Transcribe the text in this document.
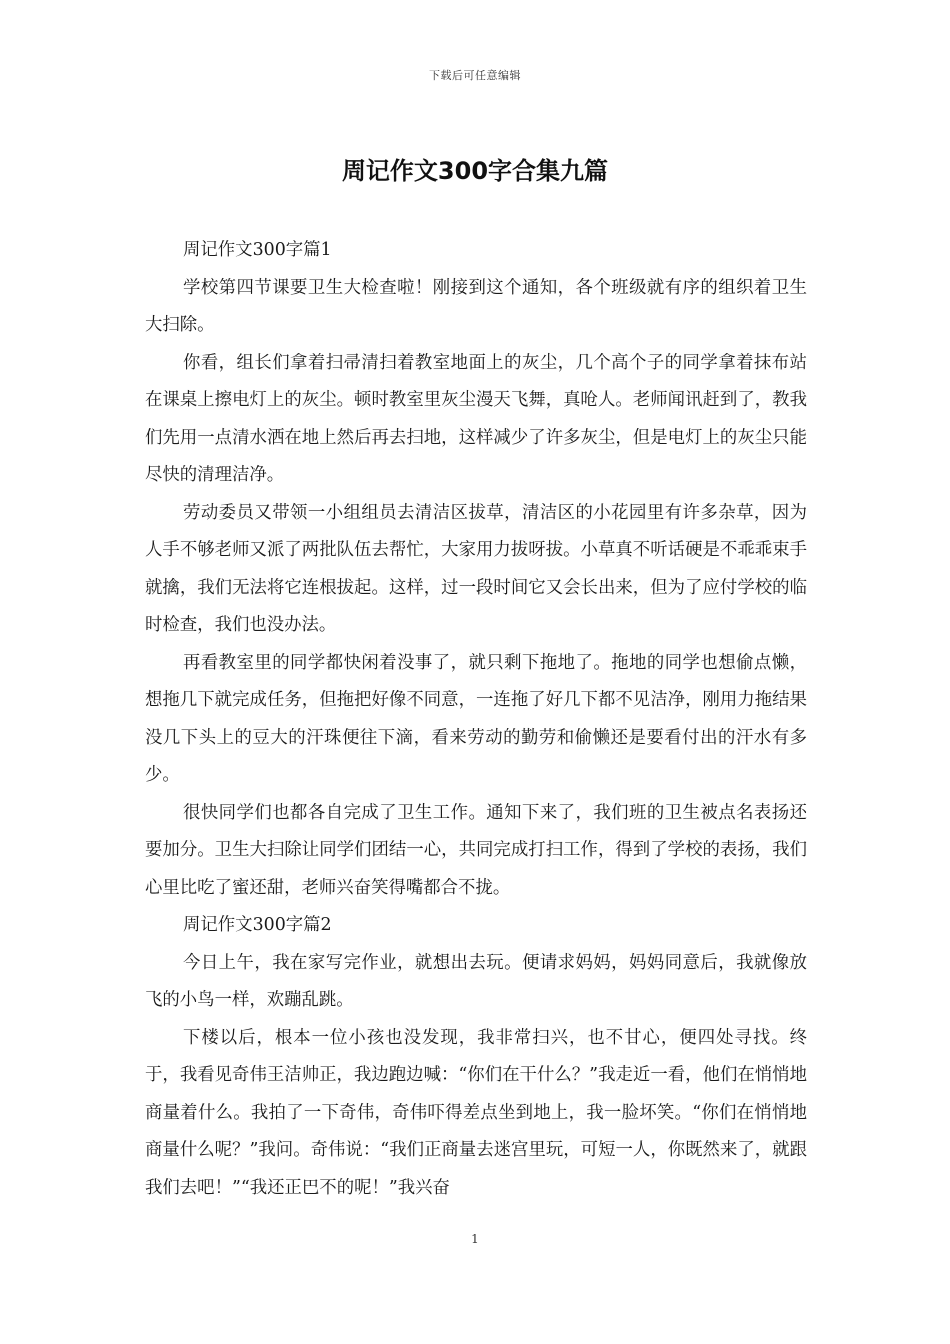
下载后可任意编辑
周记作文300字合集九篇

周记作文300字篇1

学校第四节课要卫生大检查啦！刚接到这个通知，各个班级就有序的组织着卫生大扫除。

你看，组长们拿着扫帚清扫着教室地面上的灰尘，几个高个子的同学拿着抹布站在课桌上擦电灯上的灰尘。顿时教室里灰尘漫天飞舞，真呛人。老师闻讯赶到了，教我们先用一点清水洒在地上然后再去扫地，这样减少了许多灰尘，但是电灯上的灰尘只能尽快的清理洁净。

劳动委员又带领一小组组员去清洁区拔草，清洁区的小花园里有许多杂草，因为人手不够老师又派了两批队伍去帮忙，大家用力拔呀拔。小草真不听话硬是不乖乖束手就擒，我们无法将它连根拔起。这样，过一段时间它又会长出来，但为了应付学校的临时检查，我们也没办法。

再看教室里的同学都快闲着没事了，就只剩下拖地了。拖地的同学也想偷点懒，想拖几下就完成任务，但拖把好像不同意，一连拖了好几下都不见洁净，刚用力拖结果没几下头上的豆大的汗珠便往下滴，看来劳动的勤劳和偷懒还是要看付出的汗水有多少。

很快同学们也都各自完成了卫生工作。通知下来了，我们班的卫生被点名表扬还要加分。卫生大扫除让同学们团结一心，共同完成打扫工作，得到了学校的表扬，我们心里比吃了蜜还甜，老师兴奋笑得嘴都合不拢。

周记作文300字篇2

今日上午，我在家写完作业，就想出去玩。便请求妈妈，妈妈同意后，我就像放飞的小鸟一样，欢蹦乱跳。

下楼以后，根本一位小孩也没发现，我非常扫兴，也不甘心，便四处寻找。终于，我看见奇伟王洁帅正，我边跑边喊：“你们在干什么？”我走近一看，他们在悄悄地商量着什么。我拍了一下奇伟，奇伟吓得差点坐到地上，我一脸坏笑。“你们在悄悄地商量什么呢？”我问。奇伟说：“我们正商量去迷宫里玩，可短一人，你既然来了，就跟我们去吧！”“我还正巴不的呢！”我兴奋

1
